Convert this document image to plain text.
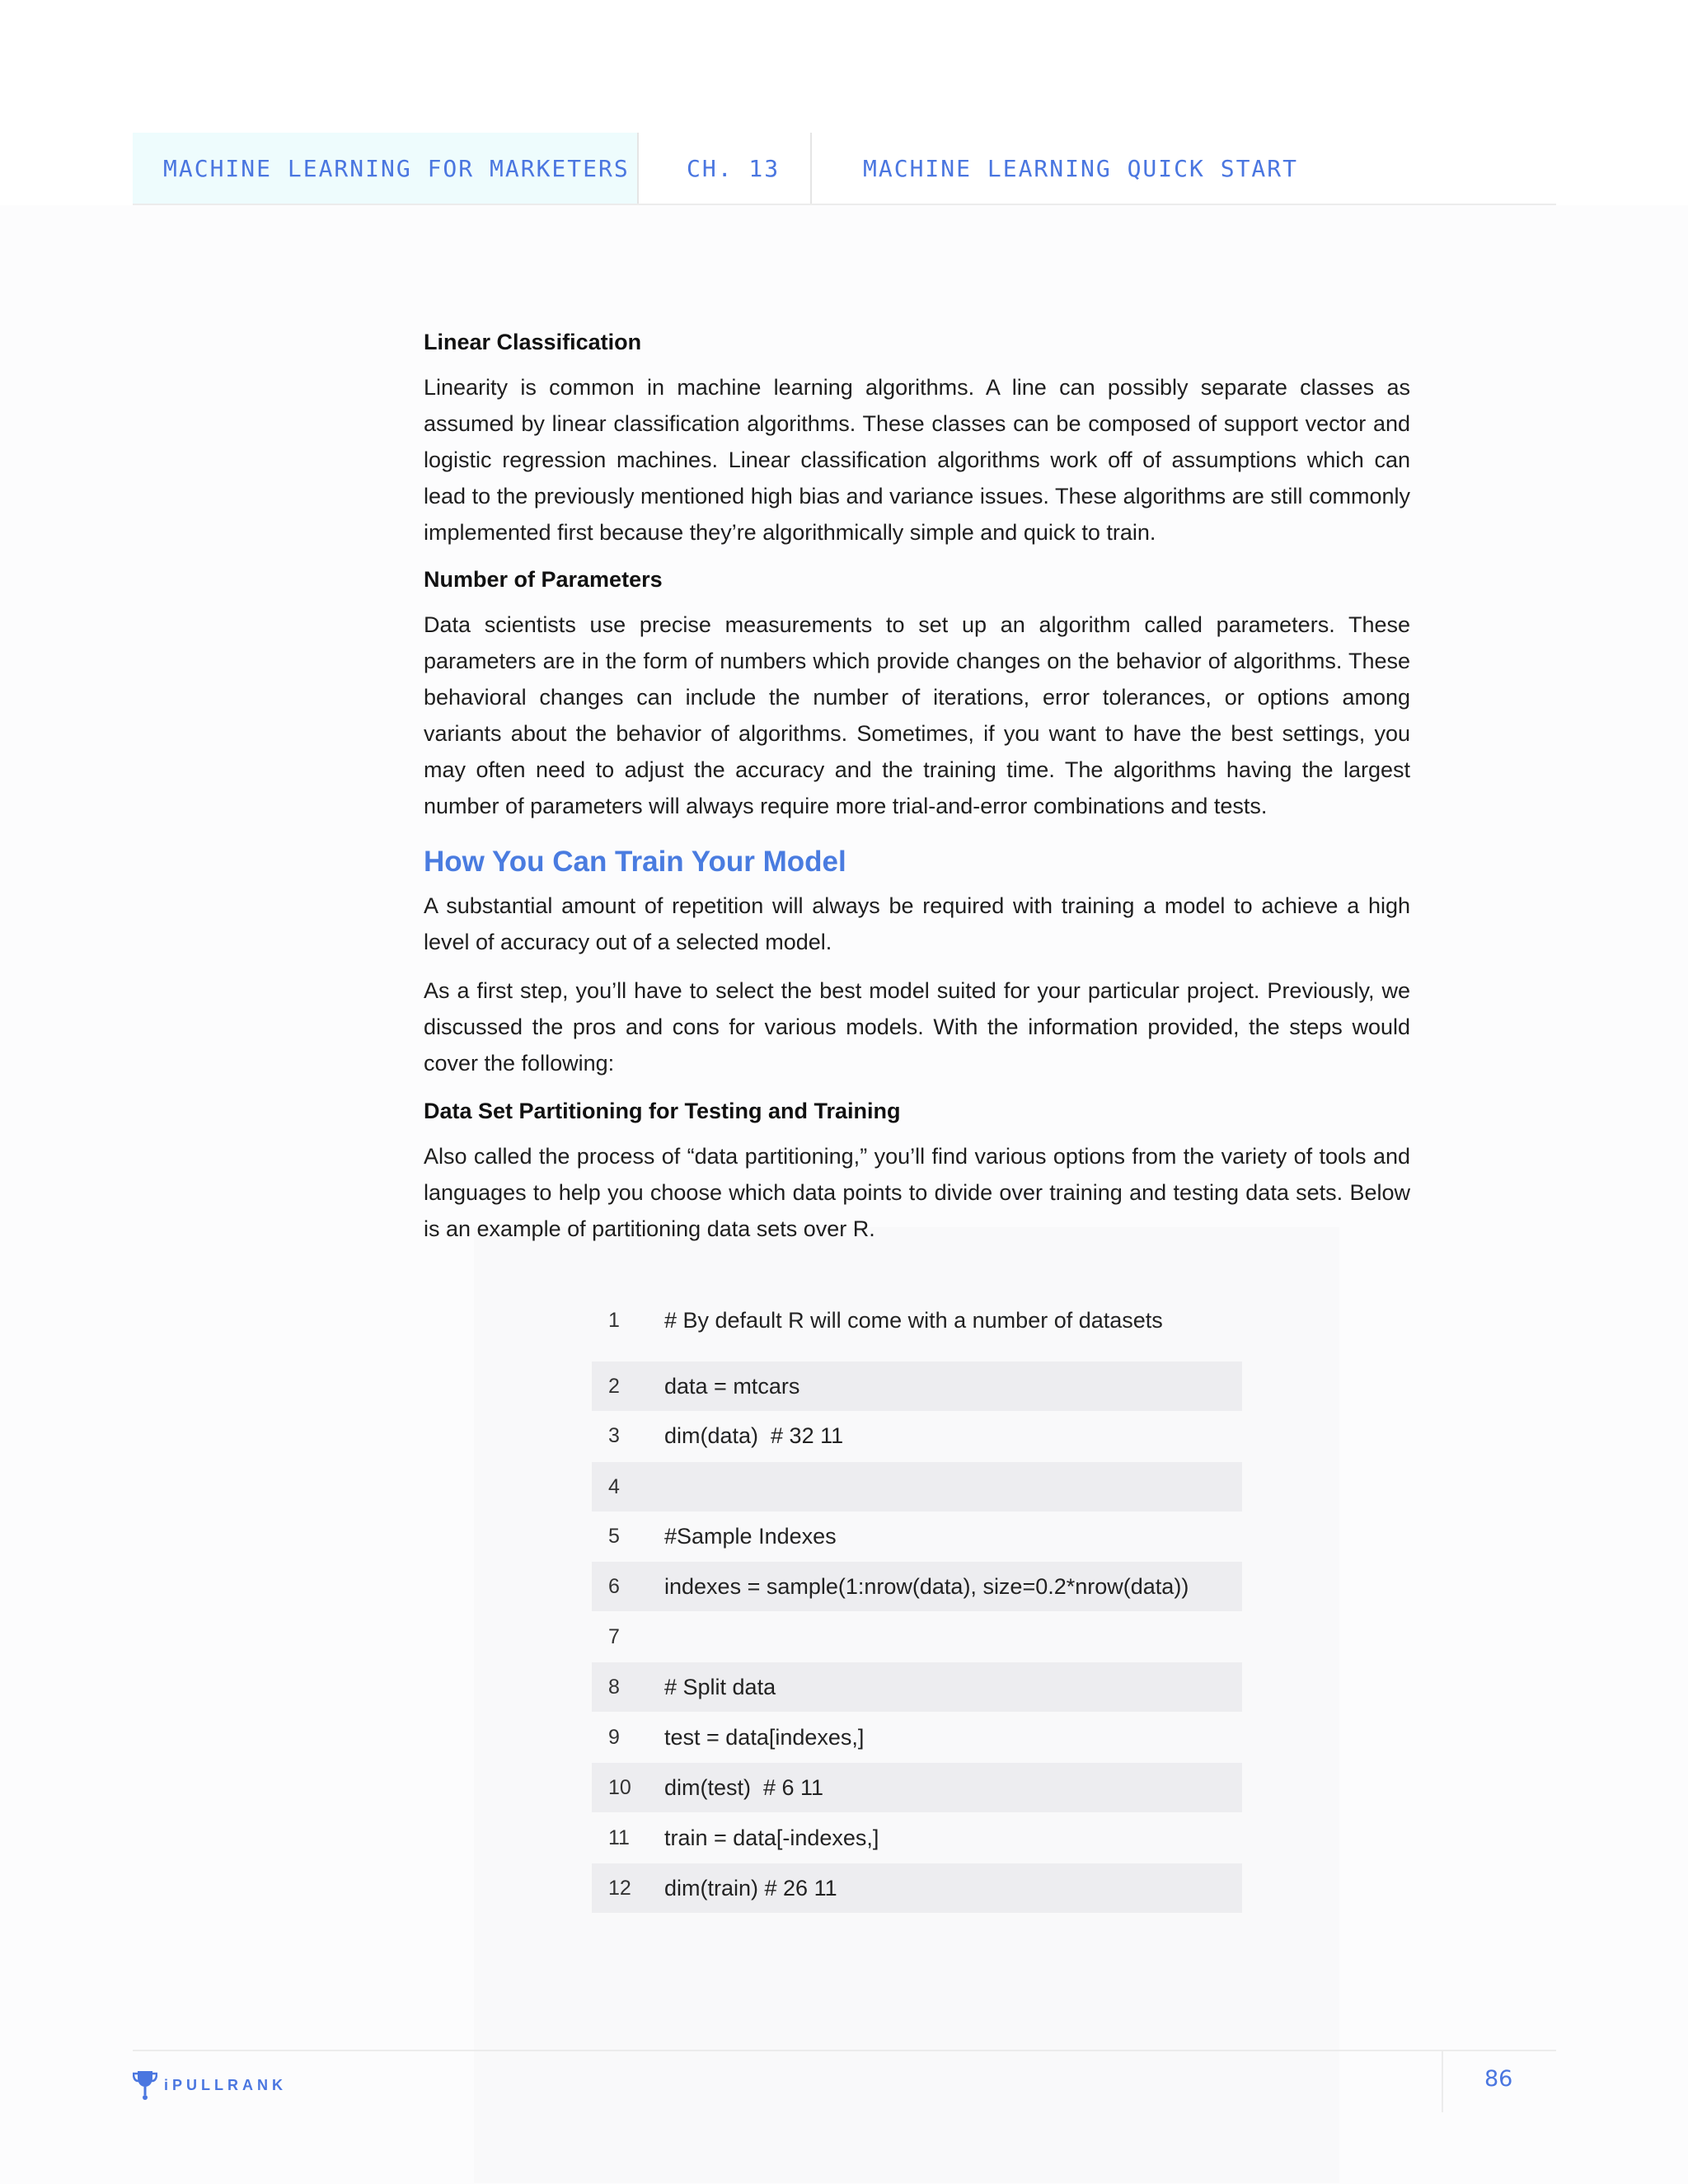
MACHINE LEARNING FOR MARKETERS	CH. 13	MACHINE LEARNING QUICK START
Linear Classification

Linearity is common in machine learning algorithms. A line can possibly separate classes as assumed by linear classification algorithms. These classes can be composed of support vector and logistic regression machines. Linear classification algorithms work off of assumptions which can lead to the previously mentioned high bias and variance issues. These algorithms are still commonly implemented first because they’re algorithmically simple and quick to train.

Number of Parameters

Data scientists use precise measurements to set up an algorithm called parameters. These parameters are in the form of numbers which provide changes on the behavior of algorithms. These behavioral changes can include the number of iterations, error tolerances, or options among variants about the behavior of algorithms. Sometimes, if you want to have the best settings, you may often need to adjust the accuracy and the training time. The algorithms having the largest number of parameters will always require more trial-and-error combinations and tests.

How You Can Train Your Model

A substantial amount of repetition will always be required with training a model to achieve a high level of accuracy out of a selected model.

As a first step, you’ll have to select the best model suited for your particular project. Previously, we discussed the pros and cons for various models. With the information provided, the steps would cover the following:

Data Set Partitioning for Testing and Training

Also called the process of “data partitioning,” you’ll find various options from the variety of tools and languages to help you choose which data points to divide over training and testing data sets. Below is an example of partitioning data sets over R.

1	# By default R will come with a number of datasets
2	data = mtcars
3	dim(data)  # 32 11
4
5	#Sample Indexes
6	indexes = sample(1:nrow(data), size=0.2*nrow(data))
7
8	# Split data
9	test = data[indexes,]
10	dim(test)  # 6 11
11	train = data[-indexes,]
12	dim(train) # 26 11
iPULLRANK	86
